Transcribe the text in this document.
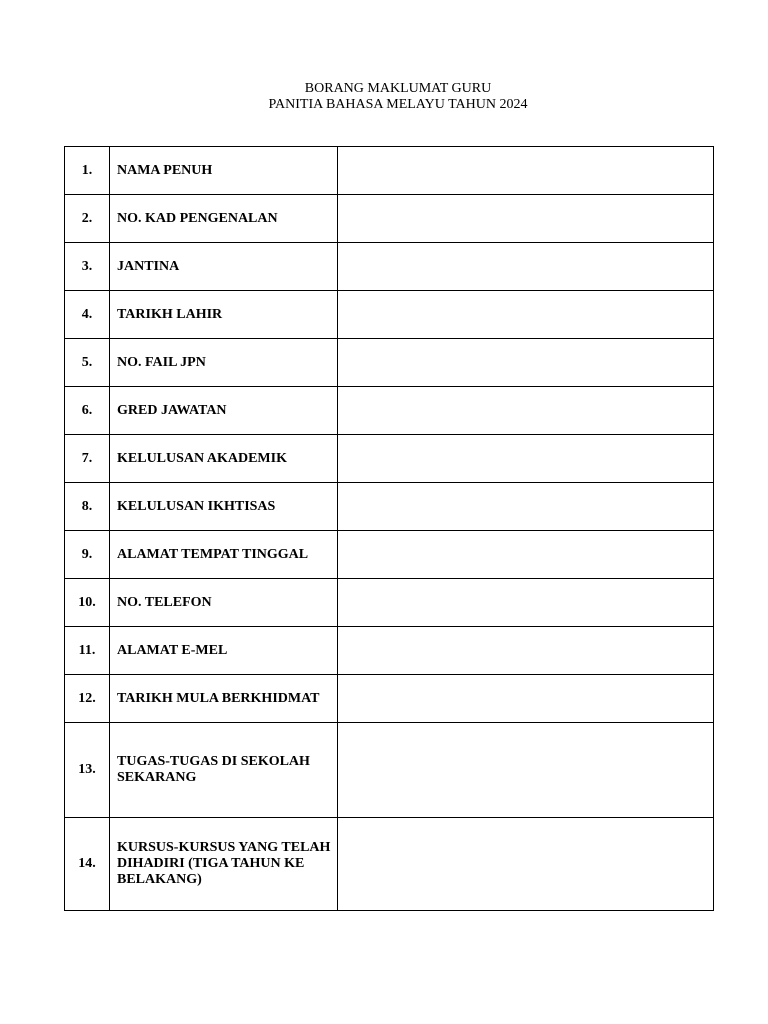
BORANG MAKLUMAT GURU
PANITIA BAHASA MELAYU TAHUN 2024
1.	NAMA PENUH	
2.	NO. KAD PENGENALAN	
3.	JANTINA	
4.	TARIKH LAHIR	
5.	NO. FAIL JPN	
6.	GRED JAWATAN	
7.	KELULUSAN AKADEMIK	
8.	KELULUSAN IKHTISAS	
9.	ALAMAT TEMPAT TINGGAL	
10.	NO. TELEFON	
11.	ALAMAT E-MEL	
12.	TARIKH MULA BERKHIDMAT	
13.	TUGAS-TUGAS DI SEKOLAH SEKARANG	
14.	KURSUS-KURSUS YANG TELAH DIHADIRI (TIGA TAHUN KE BELAKANG)	
